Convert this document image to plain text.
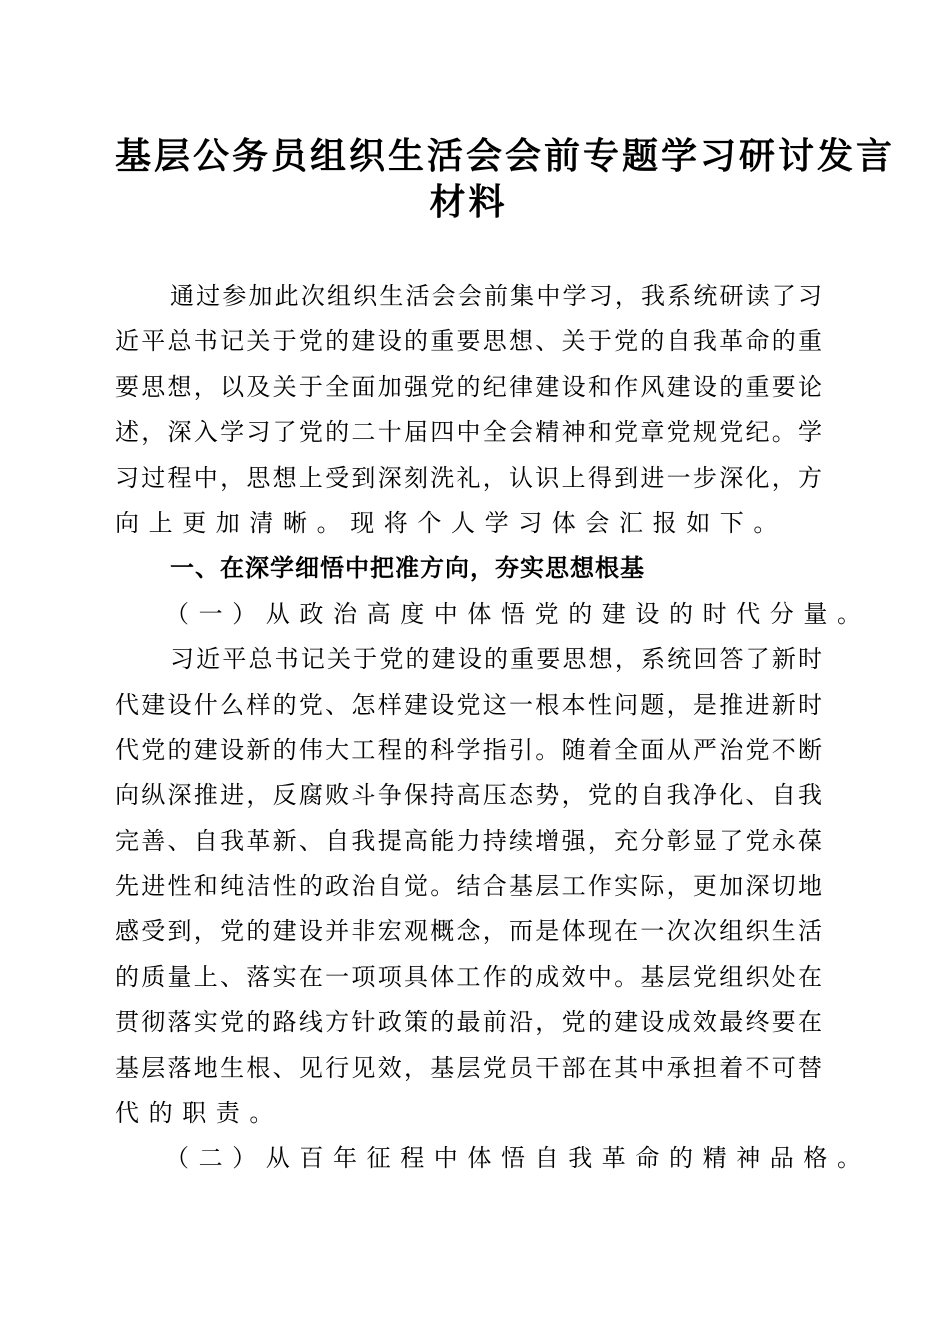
基层公务员组织生活会会前专题学习研讨发言
材料
通过参加此次组织生活会会前集中学习，我系统研读了习
近平总书记关于党的建设的重要思想、关于党的自我革命的重
要思想，以及关于全面加强党的纪律建设和作风建设的重要论
述，深入学习了党的二十届四中全会精神和党章党规党纪。学
习过程中，思想上受到深刻洗礼，认识上得到进一步深化，方
向上更加清晰。现将个人学习体会汇报如下。
一、在深学细悟中把准方向，夯实思想根基
（一）从政治高度中体悟党的建设的时代分量。
习近平总书记关于党的建设的重要思想，系统回答了新时
代建设什么样的党、怎样建设党这一根本性问题，是推进新时
代党的建设新的伟大工程的科学指引。随着全面从严治党不断
向纵深推进，反腐败斗争保持高压态势，党的自我净化、自我
完善、自我革新、自我提高能力持续增强，充分彰显了党永葆
先进性和纯洁性的政治自觉。结合基层工作实际，更加深切地
感受到，党的建设并非宏观概念，而是体现在一次次组织生活
的质量上、落实在一项项具体工作的成效中。基层党组织处在
贯彻落实党的路线方针政策的最前沿，党的建设成效最终要在
基层落地生根、见行见效，基层党员干部在其中承担着不可替
代的职责。
（二）从百年征程中体悟自我革命的精神品格。
